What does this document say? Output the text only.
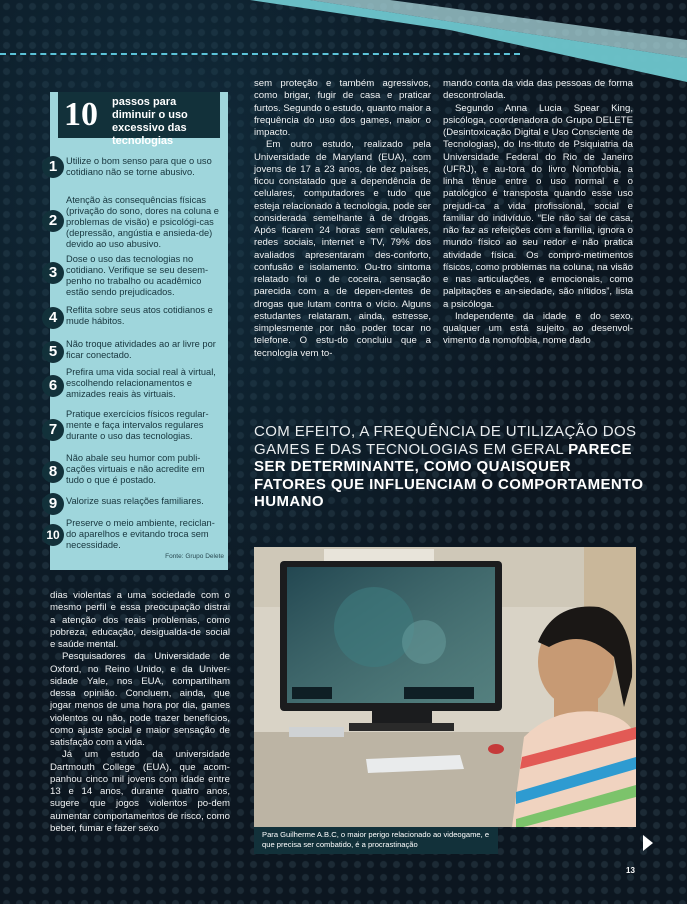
10 passos para diminuir o uso excessivo das tecnologias
1 Utilize o bom senso para que o uso cotidiano não se torne abusivo.
2
Atenção às consequências físicas (privação do sono, dores na coluna e problemas de visão) e psicológi-cas (depressão, angústia e ansieda-de) devido ao uso abusivo.
3
Dose o uso das tecnologias no cotidiano. Verifique se seu desem-penho no trabalho ou acadêmico estão sendo prejudicados.
4 Reflita sobre seus atos cotidianos e mude hábitos.
5 Não troque atividades ao ar livre por ficar conectado.
6
Prefira uma vida social real à virtual, escolhendo relacionamentos e amizades reais às virtuais.
7
Pratique exercícios físicos regular-mente e faça intervalos regulares durante o uso das tecnologias.
8
Não abale seu humor com publi-cações virtuais e não acredite em tudo o que é postado.
9 Valorize suas relações familiares.
10
Preserve o meio ambiente, reciclan-do aparelhos e evitando troca sem necessidade.
Fonte: Grupo Delete

dias violentas a uma sociedade com o mesmo perfil e essa preocupação distrai a atenção dos reais problemas, como pobreza, educação, desigualda-de social e saúde mental.

Pesquisadores da Universidade de Oxford, no Reino Unido, e da Univer-sidade Yale, nos EUA, compartilham dessa opinião. Concluem, ainda, que jogar menos de uma hora por dia, games violentos ou não, pode trazer benefícios, como ajuste social e maior sensação de satisfação com a vida.

Já um estudo da universidade Dartmouth College (EUA), que acom-panhou cinco mil jovens com idade entre 13 e 14 anos, durante quatro anos, sugere que jogos violentos po-dem aumentar comportamentos de risco, como beber, fumar e fazer sexo

sem proteção e também agressivos, como brigar, fugir de casa e praticar furtos. Segundo o estudo, quanto maior a frequência do uso dos games, maior o impacto.

Em outro estudo, realizado pela Universidade de Maryland (EUA), com jovens de 17 a 23 anos, de dez países, ficou constatado que a dependência de celulares, computadores e tudo que esteja relacionado à tecnologia, pode ser considerada semelhante à de drogas. Após ficarem 24 horas sem celulares, redes sociais, internet e TV, 79% dos avaliados apresentaram des-conforto, confusão e isolamento. Ou-tro sintoma relatado foi o de coceira, sensação parecida com a de depen-dentes de drogas que lutam contra o vício. Alguns estudantes relataram, ainda, estresse, simplesmente por não poder tocar no telefone. O estu-do concluiu que a tecnologia vem to-

mando conta da vida das pessoas de forma descontrolada.

Segundo Anna Lucia Spear King, psicóloga, coordenadora do Grupo DELETE (Desintoxicação Digital e Uso Consciente de Tecnologias), do Ins-tituto de Psiquiatria da Universidade Federal do Rio de Janeiro (UFRJ), e au-tora do livro Nomofobia, a linha tênue entre o uso normal e o patológico é transposta quando esse uso prejudi-ca a vida profissional, social e familiar do indivíduo. “Ele não sai de casa, não faz as refeições com a família, ignora o mundo físico ao seu redor e não pratica atividade física. Os compro-metimentos físicos, como problemas na coluna, na visão e nas articulações, e emocionais, como palpitações e an-siedade, são nítidos”, lista a psicóloga.

Independente da idade e do sexo, qualquer um está sujeito ao desenvol-vimento da nomofobia, nome dado

COM EFEITO, A FREQUÊNCIA DE UTILIZAÇÃO DOS GAMES E DAS TECNOLOGIAS EM GERAL PARECE SER DETERMINANTE, COMO QUAISQUER FATORES QUE INFLUENCIAM O COMPORTAMENTO HUMANO
Para Guilherme A.B.C, o maior perigo relacionado ao videogame, e que precisa ser combatido, é a procrastinação
13
